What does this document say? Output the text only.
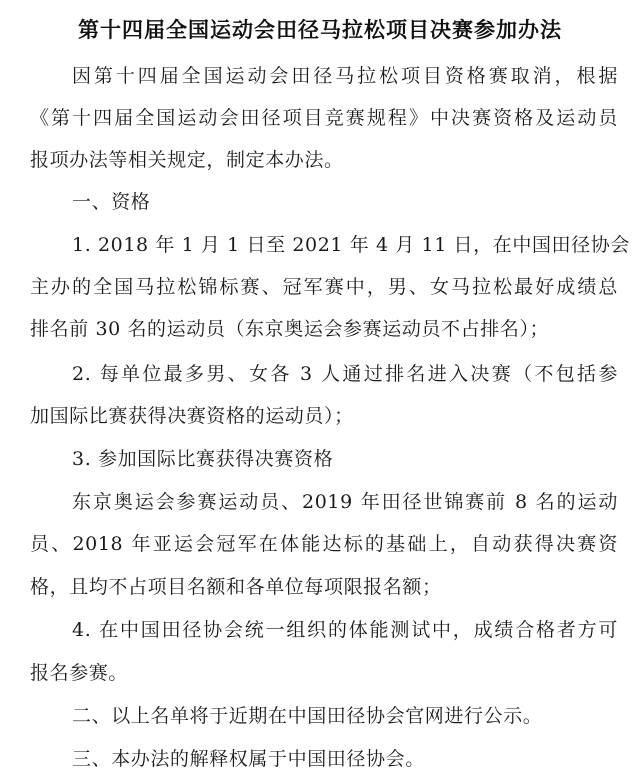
第十四届全国运动会田径马拉松项目决赛参加办法
因第十四届全国运动会田径马拉松项目资格赛取消，根据
《第十四届全国运动会田径项目竞赛规程》中决赛资格及运动员
报项办法等相关规定，制定本办法。
一、资格
1. 2018 年 1 月 1 日至 2021 年 4 月 11 日，在中国田径协会
主办的全国马拉松锦标赛、冠军赛中，男、女马拉松最好成绩总
排名前 30 名的运动员（东京奥运会参赛运动员不占排名）；
2. 每单位最多男、女各 3 人通过排名进入决赛（不包括参
加国际比赛获得决赛资格的运动员）；
3. 参加国际比赛获得决赛资格
东京奥运会参赛运动员、2019 年田径世锦赛前 8 名的运动
员、2018 年亚运会冠军在体能达标的基础上，自动获得决赛资
格，且均不占项目名额和各单位每项限报名额；
4. 在中国田径协会统一组织的体能测试中，成绩合格者方可
报名参赛。
二、以上名单将于近期在中国田径协会官网进行公示。
三、本办法的解释权属于中国田径协会。
